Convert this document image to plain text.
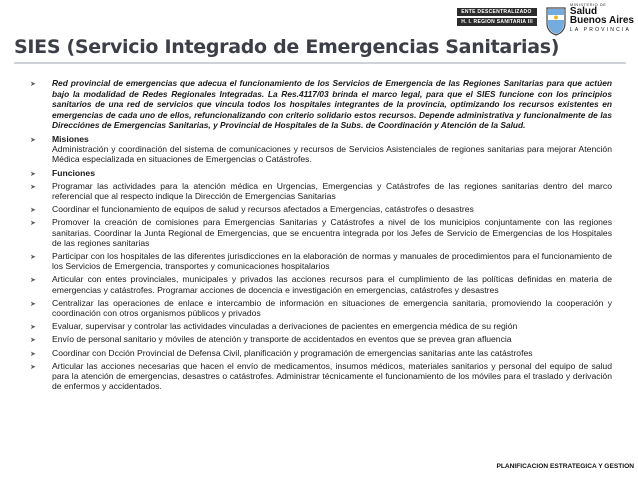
ENTE DESCENTRALIZADO
H. I. REGION SANITARIA III
MINISTERIO DE
Salud
Buenos Aires
LA PROVINCIA
SIES (Servicio Integrado de Emergencias Sanitarias)
➤	Red provincial de emergencias que adecua el funcionamiento de los Servicios de Emergencia de las Regiones Sanitarias para que actúen bajo la modalidad de Redes Regionales Integradas. La Res.4117/03 brinda el marco legal, para que el SIES funcione con los principios sanitarios de una red de servicios que vincula todos los hospitales integrantes de la provincia, optimizando los recursos existentes en emergencias de cada uno de ellos, refuncionalizando con criterio solidario estos recursos. Depende administrativa y funcionalmente de las Direcciónes de Emergencias Sanitarias, y Provincial de Hospitales de la Subs. de Coordinación y Atención de la Salud.
➤	Misiones
Administración y coordinación del sistema de comunicaciones y recursos de Servicios Asistenciales de regiones sanitarias para mejorar Atención Médica especializada en situaciones de Emergencias o Catástrofes.
➤	Funciones
➤	Programar las actividades para la atención médica en Urgencias, Emergencias y Catástrofes de las regiones sanitarias dentro del marco referencial que al respecto indique la Dirección de Emergencias Sanitarias
➤	Coordinar el funcionamiento de equipos de salud y recursos afectados a Emergencias, catástrofes o desastres
➤	Promover la creación de comisiones para Emergencias Sanitarias y Catástrofes a nivel de los municipios conjuntamente con las regiones sanitarias. Coordinar la Junta Regional de Emergencias, que se encuentra integrada por los Jefes de Servicio de Emergencias de los Hospitales de las regiones sanitarias
➤	Participar con los hospitales de las diferentes jurisdicciones en la elaboración de normas y manuales de procedimientos para el funcionamiento de los Servicios de Emergencia, transportes y comunicaciones hospitalarios
➤	Articular con entes provinciales, municipales y privados las acciones recursos para el cumplimiento de las políticas definidas en materia de emergencias y catástrofes. Programar acciones de docencia e investigación en emergencias, catástrofes y desastres
➤	Centralizar las operaciones de enlace e intercambio de información en situaciones de emergencia sanitaria, promoviendo la cooperación y coordinación con otros organismos públicos y privados
➤	Evaluar, supervisar y controlar las actividades vinculadas a derivaciones de pacientes en emergencia médica de su región
➤	Envío de personal sanitario y móviles de atención y transporte de accidentados en eventos que se prevea gran afluencia
➤	Coordinar con Dcción Provincial de Defensa Civil, planificación y programación de emergencias sanitarias ante las catástrofes
➤	Articular las acciones necesarias que hacen el envío de medicamentos, insumos médicos, materiales sanitarios y personal del equipo de salud para la atención de emergencias, desastres o catástrofes. Administrar técnicamente el funcionamiento de los móviles para el traslado y derivación de enfermos y accidentados.
PLANIFICACION ESTRATEGICA Y GESTION
